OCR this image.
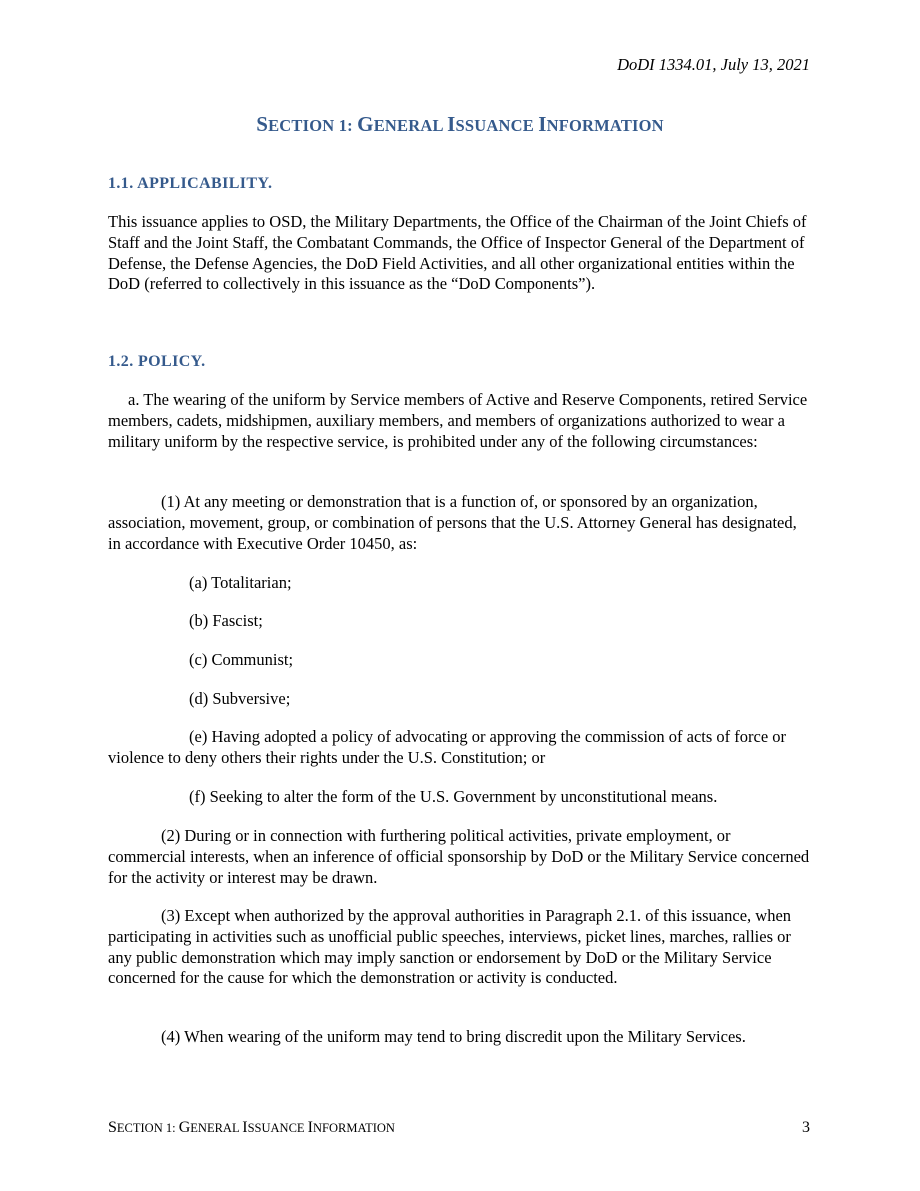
DoDI 1334.01, July 13, 2021
SECTION 1: GENERAL ISSUANCE INFORMATION
1.1. APPLICABILITY.
This issuance applies to OSD, the Military Departments, the Office of the Chairman of the Joint Chiefs of Staff and the Joint Staff, the Combatant Commands, the Office of Inspector General of the Department of Defense, the Defense Agencies, the DoD Field Activities, and all other organizational entities within the DoD (referred to collectively in this issuance as the “DoD Components”).
1.2. POLICY.
a. The wearing of the uniform by Service members of Active and Reserve Components, retired Service members, cadets, midshipmen, auxiliary members, and members of organizations authorized to wear a military uniform by the respective service, is prohibited under any of the following circumstances:
(1) At any meeting or demonstration that is a function of, or sponsored by an organization, association, movement, group, or combination of persons that the U.S. Attorney General has designated, in accordance with Executive Order 10450, as:
(a) Totalitarian;
(b) Fascist;
(c) Communist;
(d) Subversive;
(e) Having adopted a policy of advocating or approving the commission of acts of force or violence to deny others their rights under the U.S. Constitution; or
(f) Seeking to alter the form of the U.S. Government by unconstitutional means.
(2) During or in connection with furthering political activities, private employment, or commercial interests, when an inference of official sponsorship by DoD or the Military Service concerned for the activity or interest may be drawn.
(3) Except when authorized by the approval authorities in Paragraph 2.1. of this issuance, when participating in activities such as unofficial public speeches, interviews, picket lines, marches, rallies or any public demonstration which may imply sanction or endorsement by DoD or the Military Service concerned for the cause for which the demonstration or activity is conducted.
(4) When wearing of the uniform may tend to bring discredit upon the Military Services.
SECTION 1: GENERAL ISSUANCE INFORMATION	3
